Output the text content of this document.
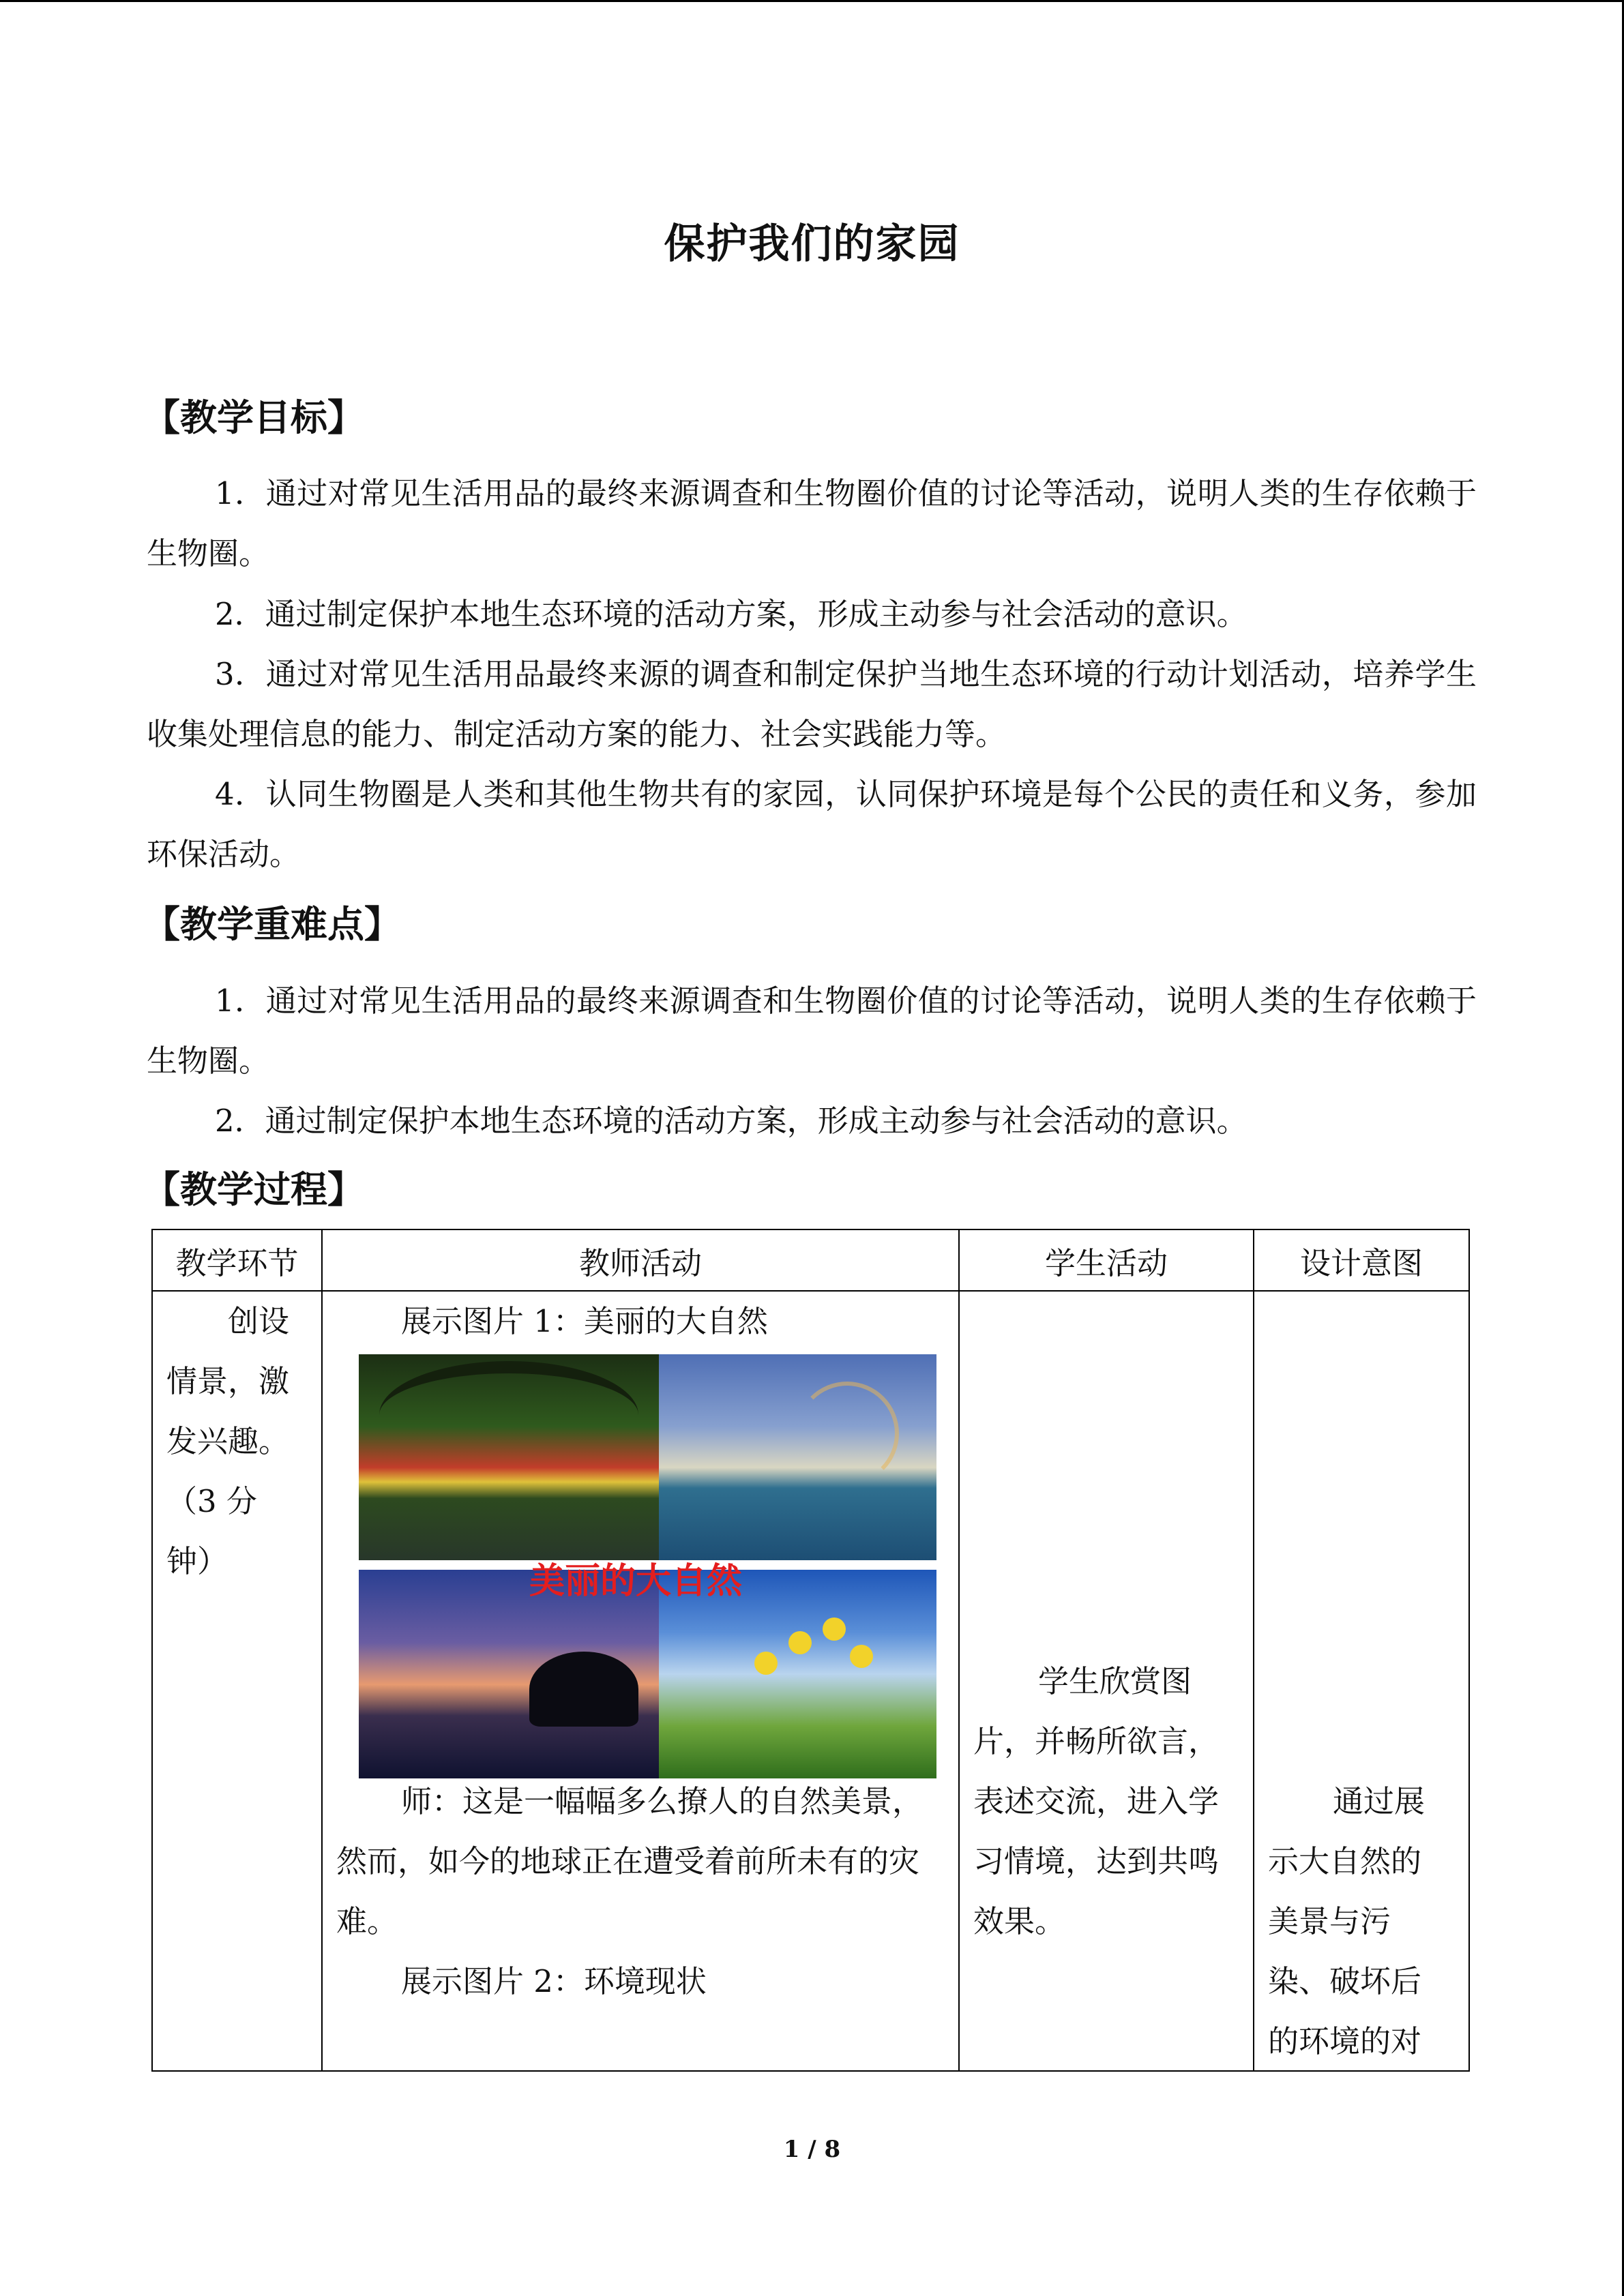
保护我们的家园
【教学目标】
1．通过对常见生活用品的最终来源调查和生物圈价值的讨论等活动，说明人类的生存依赖于生物圈。
2．通过制定保护本地生态环境的活动方案，形成主动参与社会活动的意识。
3．通过对常见生活用品最终来源的调查和制定保护当地生态环境的行动计划活动，培养学生收集处理信息的能力、制定活动方案的能力、社会实践能力等。
4．认同生物圈是人类和其他生物共有的家园，认同保护环境是每个公民的责任和义务，参加环保活动。
【教学重难点】
1．通过对常见生活用品的最终来源调查和生物圈价值的讨论等活动，说明人类的生存依赖于生物圈。
2．通过制定保护本地生态环境的活动方案，形成主动参与社会活动的意识。
【教学过程】
教学环节	教师活动	学生活动	设计意图

创设情景，激发兴趣。（3 分钟）	展示图片 1：美丽的大自然
美丽的大自然
师：这是一幅幅多么撩人的自然美景，然而，如今的地球正在遭受着前所未有的灾难。
展示图片 2：环境现状	学生欣赏图片，并畅所欲言，表述交流，进入学习情境，达到共鸣效果。	通过展示大自然的美景与污染、破坏后的环境的对
1 / 8
